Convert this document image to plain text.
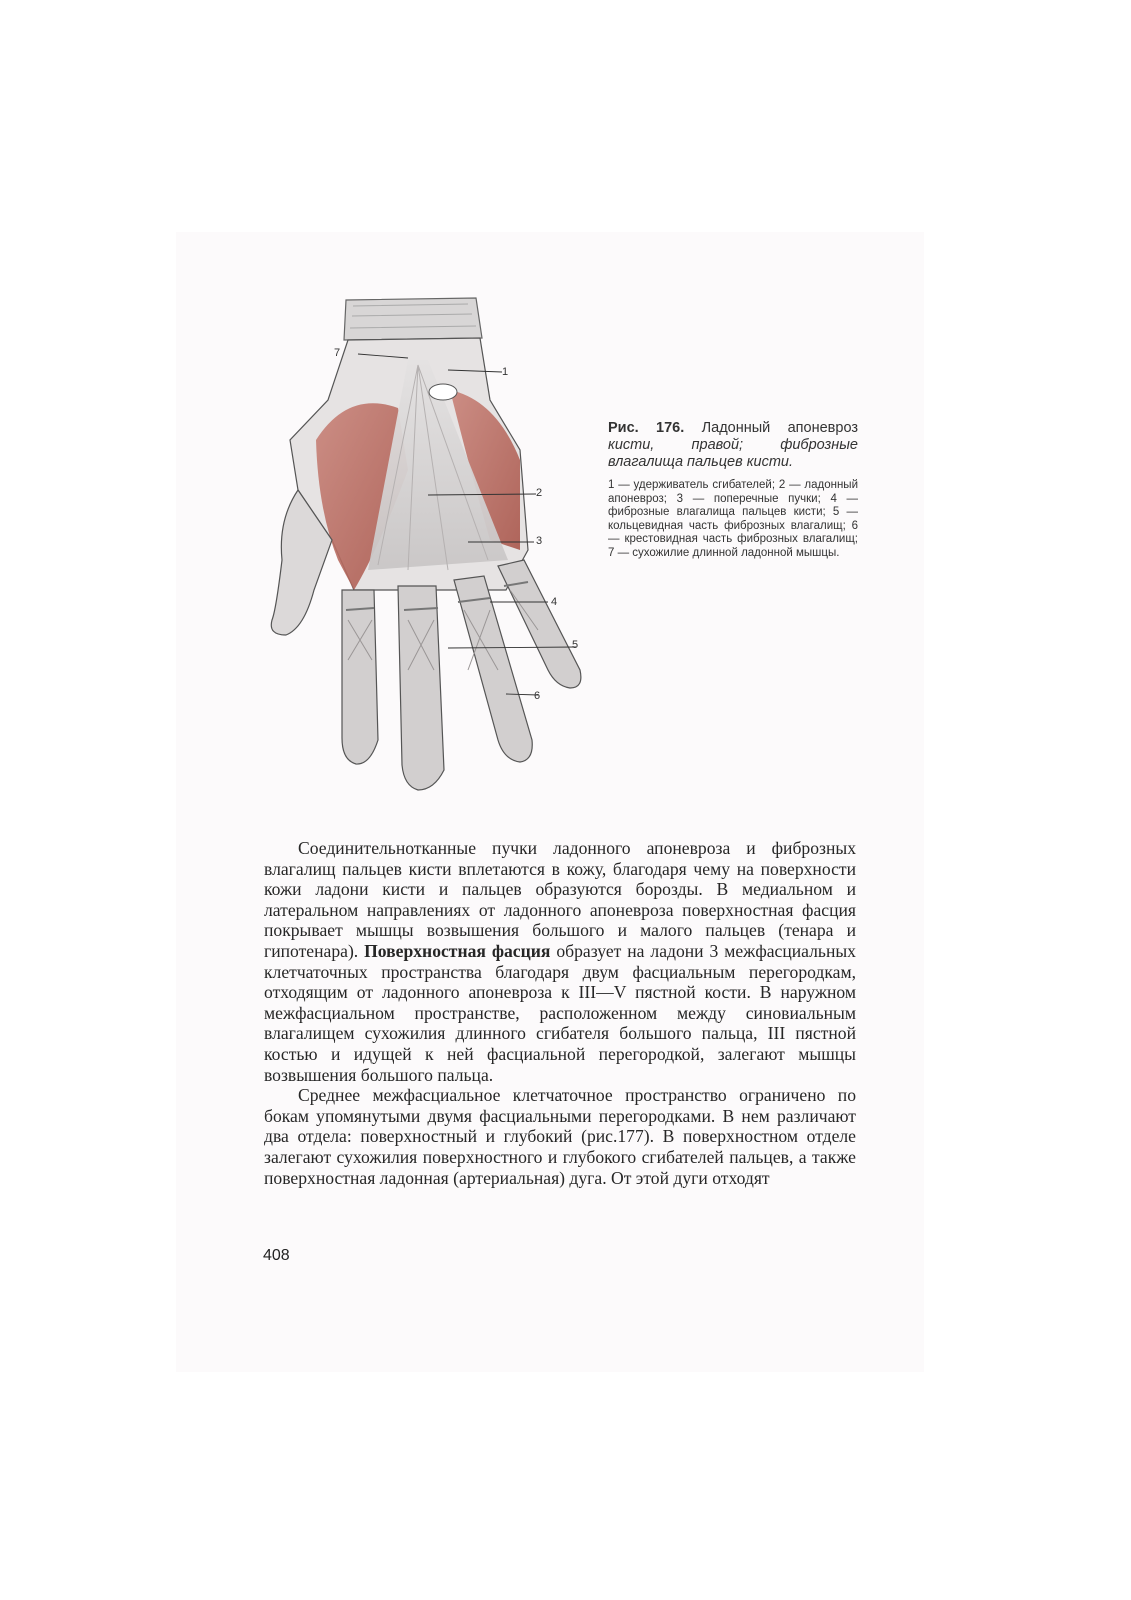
7
1
2
3
4
5
6

Рис. 176. Ладонный апоневроз кисти, правой; фиброзные влагалища пальцев кисти.

1 — удерживатель сгибателей; 2 — ладонный апоневроз; 3 — поперечные пучки; 4 — фиброзные влагалища пальцев кисти; 5 — кольцевидная часть фиброзных влагалищ; 6 — крестовидная часть фиброзных влагалищ; 7 — сухожилие длинной ладонной мышцы.

Соединительнотканные пучки ладонного апоневроза и фиброзных влагалищ пальцев кисти вплетаются в кожу, благодаря чему на поверхности кожи ладони кисти и пальцев образуются борозды. В медиальном и латеральном направлениях от ладонного апоневроза поверхностная фасция покрывает мышцы возвышения большого и малого пальцев (тенара и гипотенара). Поверхностная фасция образует на ладони 3 межфасциальных клетчаточных пространства благодаря двум фасциальным перегородкам, отходящим от ладонного апоневроза к III—V пястной кости. В наружном межфасциальном пространстве, расположенном между синовиальным влагалищем сухожилия длинного сгибателя большого пальца, III пястной костью и идущей к ней фасциальной перегородкой, залегают мышцы возвышения большого пальца.

Среднее межфасциальное клетчаточное пространство ограничено по бокам упомянутыми двумя фасциальными перегородками. В нем различают два отдела: поверхностный и глубокий (рис.177). В поверхностном отделе залегают сухожилия поверхностного и глубокого сгибателей пальцев, а также поверхностная ладонная (артериальная) дуга. От этой дуги отходят

408
